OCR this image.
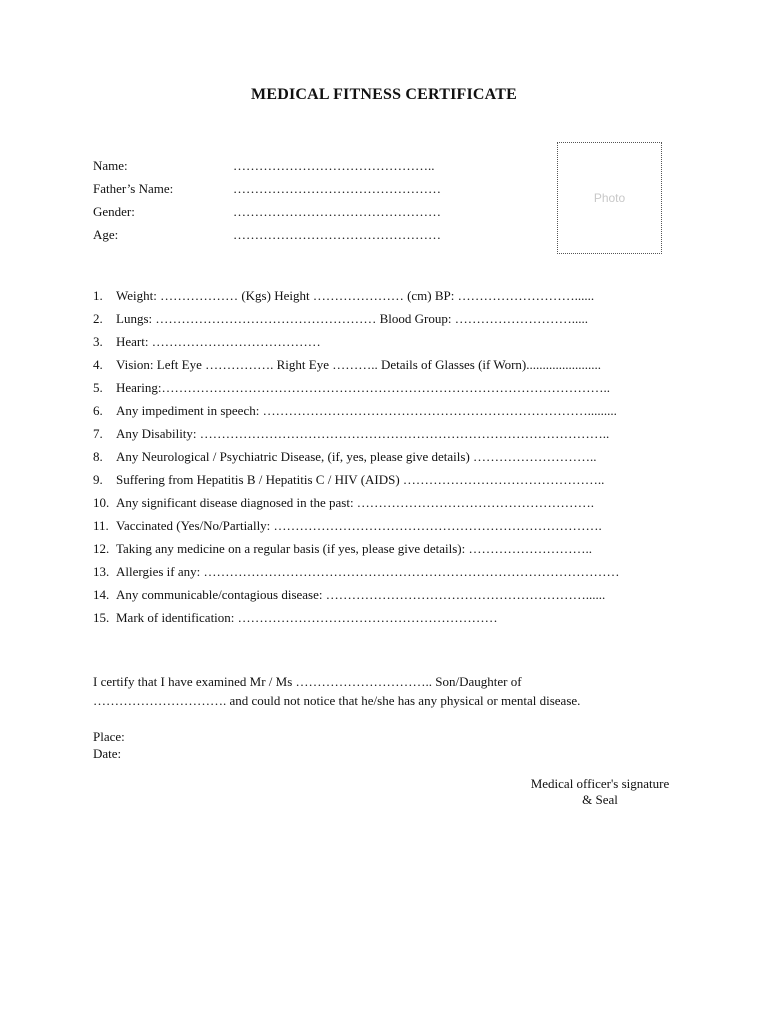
MEDICAL FITNESS CERTIFICATE
Name:	………………………………………..
Father’s Name:	…………………………………………
Gender:	…………………………………………
Age:	…………………………………………
Photo
1. Weight: ……………… (Kgs) Height ………………… (cm) BP: ………………………......
2. Lungs: …………………………………………… Blood Group: ……………………….....
3. Heart: …………………………………
4. Vision: Left Eye ……………. Right Eye ……….. Details of Glasses (if Worn).......................
5. Hearing:…………………………………………………………………………………………..
6. Any impediment in speech: ………………………………………………………………….........
7. Any Disability: …………………………………………………………………………………..
8. Any Neurological / Psychiatric Disease, (if, yes, please give details) ………………………..
9. Suffering from Hepatitis B / Hepatitis C / HIV (AIDS) ………………………………………..
10. Any significant disease diagnosed in the past: ……………………………………………….
11. Vaccinated (Yes/No/Partially: ………………………………………………………………….
12. Taking any medicine on a regular basis (if yes, please give details): ………………………..
13. Allergies if any: ……………………………………………………………………………………
14. Any communicable/contagious disease: ……………………………………………………......
15. Mark of identification: ……………………………………………………
I certify that I have examined Mr / Ms ………………………….. Son/Daughter of
…………………………. and could not notice that he/she has any physical or mental disease.
Place:
Date:
Medical officer's signature
& Seal
